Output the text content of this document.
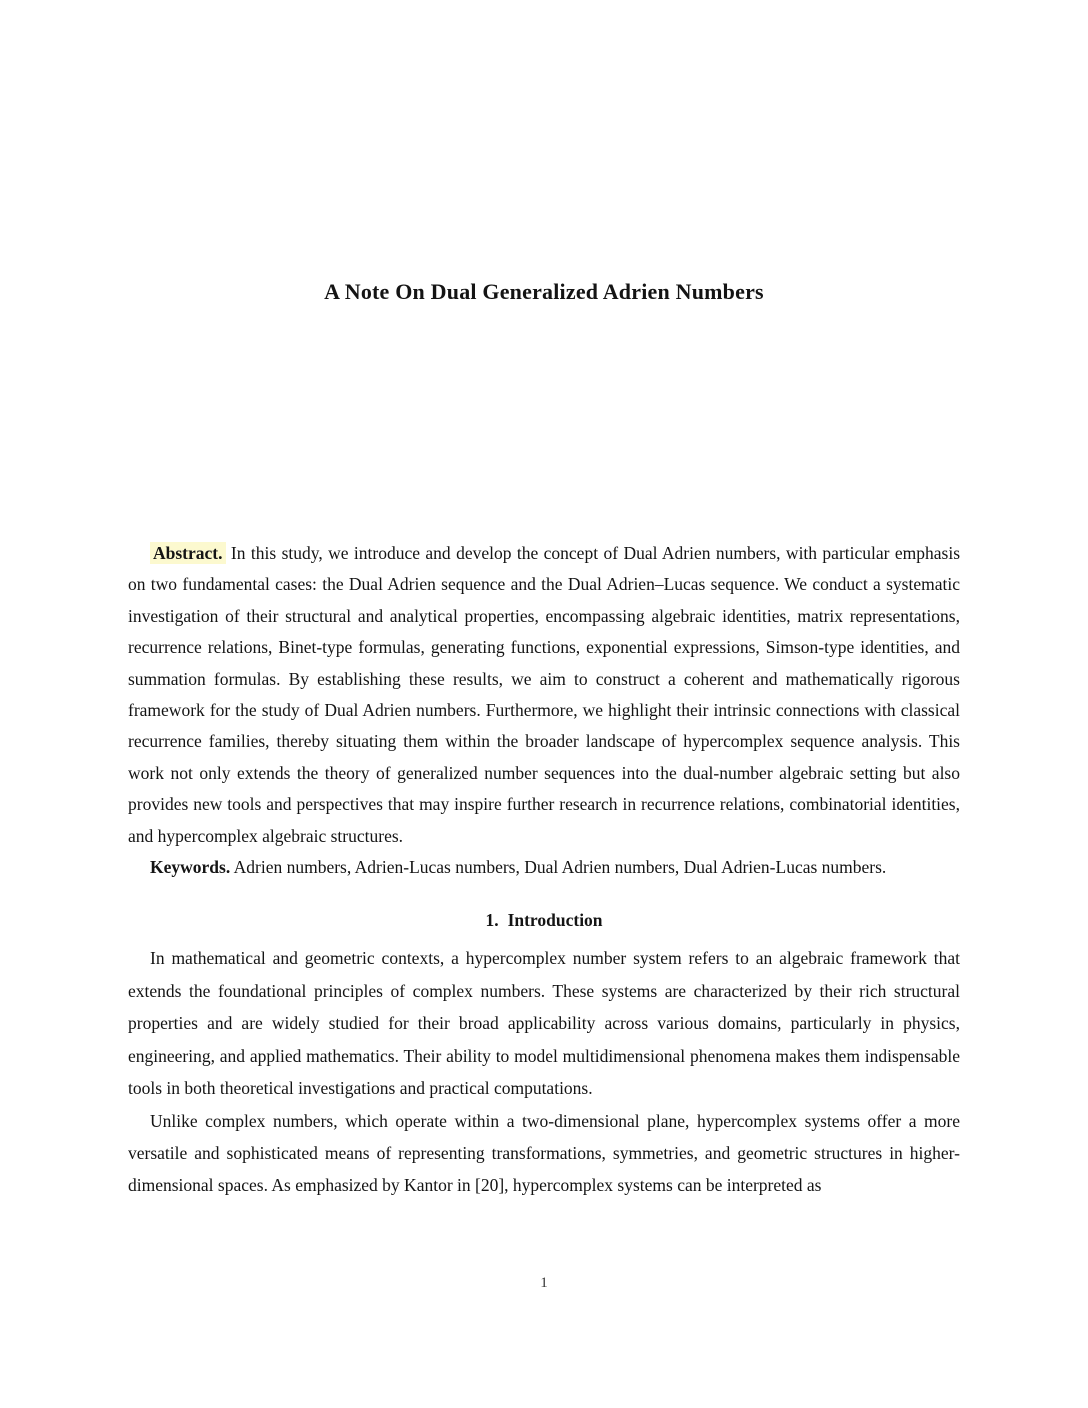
A Note On Dual Generalized Adrien Numbers

Abstract. In this study, we introduce and develop the concept of Dual Adrien numbers, with particular emphasis on two fundamental cases: the Dual Adrien sequence and the Dual Adrien–Lucas sequence. We conduct a systematic investigation of their structural and analytical properties, encompassing algebraic identities, matrix representations, recurrence relations, Binet-type formulas, generating functions, exponential expressions, Simson-type identities, and summation formulas. By establishing these results, we aim to construct a coherent and mathematically rigorous framework for the study of Dual Adrien numbers. Furthermore, we highlight their intrinsic connections with classical recurrence families, thereby situating them within the broader landscape of hypercomplex sequence analysis. This work not only extends the theory of generalized number sequences into the dual-number algebraic setting but also provides new tools and perspectives that may inspire further research in recurrence relations, combinatorial identities, and hypercomplex algebraic structures.

Keywords. Adrien numbers, Adrien-Lucas numbers, Dual Adrien numbers, Dual Adrien-Lucas numbers.

1. Introduction

In mathematical and geometric contexts, a hypercomplex number system refers to an algebraic framework that extends the foundational principles of complex numbers. These systems are characterized by their rich structural properties and are widely studied for their broad applicability across various domains, particularly in physics, engineering, and applied mathematics. Their ability to model multidimensional phenomena makes them indispensable tools in both theoretical investigations and practical computations.

Unlike complex numbers, which operate within a two-dimensional plane, hypercomplex systems offer a more versatile and sophisticated means of representing transformations, symmetries, and geometric structures in higher-dimensional spaces. As emphasized by Kantor in [20], hypercomplex systems can be interpreted as

1
